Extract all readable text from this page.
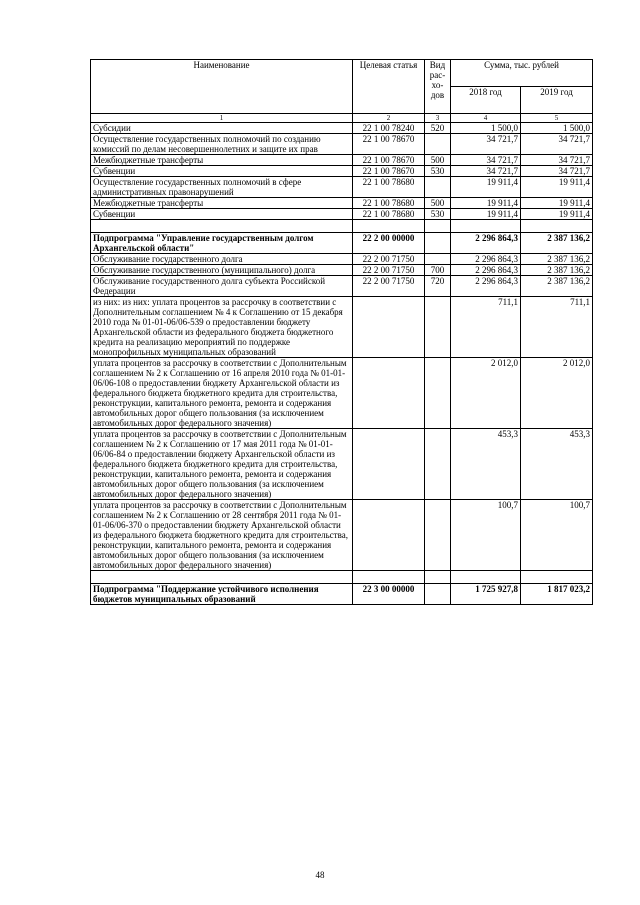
Наименование	Целевая статья	Вид рас-хо-дов	Сумма, тыс. рублей	
			2018 год	2019 год
1	2	3	4	5
Субсидии	22 1 00 78240	520	1 500,0	1 500,0
Осуществление государственных полномочий по созданию комиссий по делам несовершеннолетних и защите их прав	22 1 00 78670		34 721,7	34 721,7
Межбюджетные трансферты	22 1 00 78670	500	34 721,7	34 721,7
Субвенции	22 1 00 78670	530	34 721,7	34 721,7
Осуществление государственных полномочий в сфере административных правонарушений	22 1 00 78680		19 911,4	19 911,4
Межбюджетные трансферты	22 1 00 78680	500	19 911,4	19 911,4
Субвенции	22 1 00 78680	530	19 911,4	19 911,4

Подпрограмма "Управление государственным долгом Архангельской области"	22 2 00 00000		2 296 864,3	2 387 136,2
Обслуживание государственного долга	22 2 00 71750		2 296 864,3	2 387 136,2
Обслуживание государственного (муниципального) долга	22 2 00 71750	700	2 296 864,3	2 387 136,2
Обслуживание государственного долга субъекта Российской Федерации	22 2 00 71750	720	2 296 864,3	2 387 136,2
из них: из них: уплата процентов за рассрочку в соответствии с Дополнительным соглашением № 4 к Соглашению от 15 декабря 2010 года № 01-01-06/06-539 о предоставлении бюджету Архангельской области из федерального бюджета бюджетного кредита на реализацию мероприятий по поддержке монопрофильных муниципальных образований			711,1	711,1
уплата процентов за рассрочку в соответствии с Дополнительным соглашением № 2 к Соглашению от 16 апреля 2010 года № 01-01-06/06-108 о предоставлении бюджету Архангельской области из федерального бюджета бюджетного кредита для строительства, реконструкции, капитального ремонта, ремонта и содержания автомобильных дорог общего пользования (за исключением автомобильных дорог федерального значения)			2 012,0	2 012,0
уплата процентов за рассрочку в соответствии с Дополнительным соглашением № 2 к Соглашению от 17 мая 2011 года № 01-01-06/06-84 о предоставлении бюджету Архангельской области из федерального бюджета бюджетного кредита для строительства, реконструкции, капитального ремонта, ремонта и содержания автомобильных дорог общего пользования (за исключением автомобильных дорог федерального значения)			453,3	453,3
уплата процентов за рассрочку в соответствии с Дополнительным соглашением № 2 к Соглашению от 28 сентября 2011 года № 01-01-06/06-370 о предоставлении бюджету Архангельской области из федерального бюджета бюджетного кредита для строительства, реконструкции, капитального ремонта, ремонта и содержания автомобильных дорог общего пользования (за исключением автомобильных дорог федерального значения)			100,7	100,7

Подпрограмма "Поддержание устойчивого исполнения бюджетов муниципальных образований	22 3 00 00000		1 725 927,8	1 817 023,2
48
